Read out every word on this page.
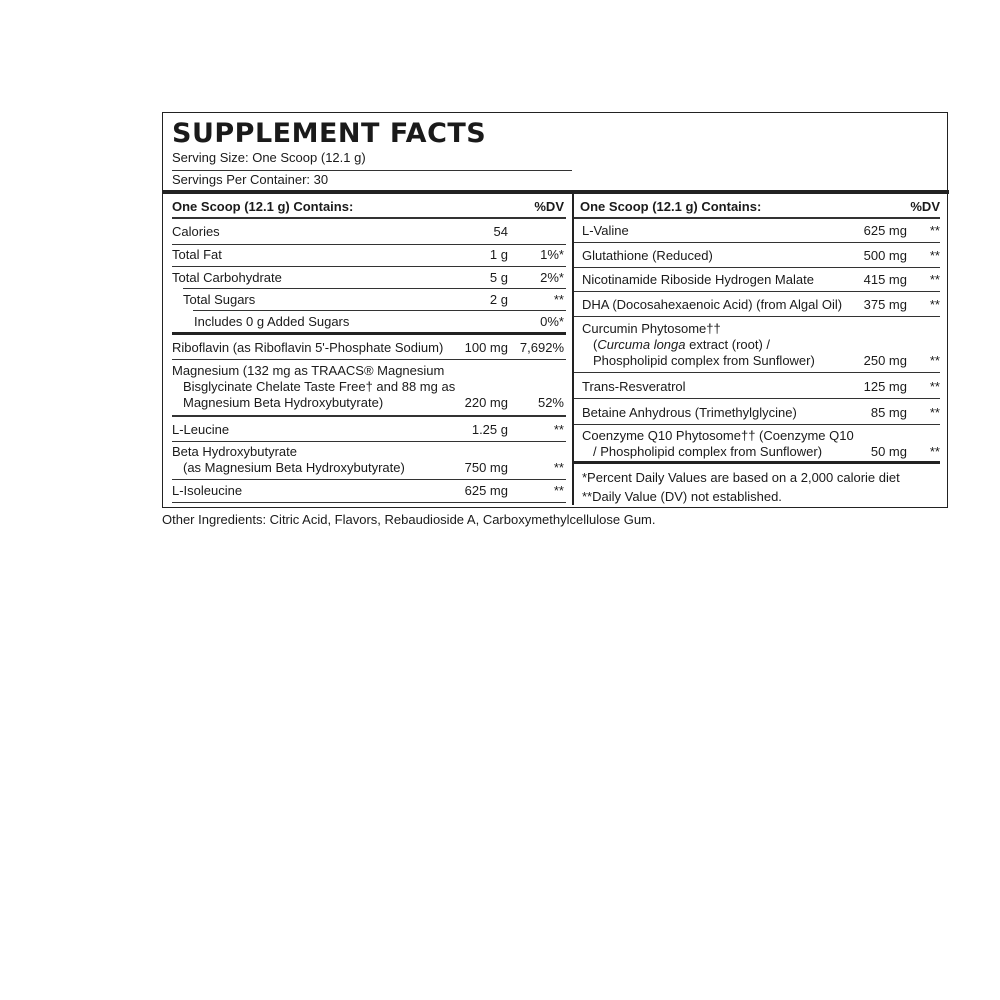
SUPPLEMENT FACTS
Serving Size: One Scoop (12.1 g)
Servings Per Container: 30
One Scoop (12.1 g) Contains:	%DV
Calories	54
Total Fat	1 g 1%*
Total Carbohydrate	5 g 2%*
Total Sugars	2 g	**
Includes 0 g Added Sugars	0%*
Riboflavin (as Riboflavin 5'-Phosphate Sodium) 100 mg 7,692%
Magnesium (132 mg as TRAACS® Magnesium
Bisglycinate Chelate Taste Free† and 88 mg as
Magnesium Beta Hydroxybutyrate)	220 mg 52%
L-Leucine	1.25 g	**
Beta Hydroxybutyrate
(as Magnesium Beta Hydroxybutyrate)	750 mg	**
L-Isoleucine	625 mg	**
One Scoop (12.1 g) Contains:	%DV
L-Valine	625 mg **
Glutathione (Reduced)	500 mg **
Nicotinamide Riboside Hydrogen Malate	415 mg **
DHA (Docosahexaenoic Acid) (from Algal Oil) 375 mg **
Curcumin Phytosome††
(Curcuma longa extract (root) /
Phospholipid complex from Sunflower)	250 mg **
Trans-Resveratrol	125 mg **
Betaine Anhydrous (Trimethylglycine)	85 mg **
Coenzyme Q10 Phytosome†† (Coenzyme Q10
/ Phospholipid complex from Sunflower)	50 mg **
*Percent Daily Values are based on a 2,000 calorie diet
**Daily Value (DV) not established.
Other Ingredients: Citric Acid, Flavors, Rebaudioside A, Carboxymethylcellulose Gum.
